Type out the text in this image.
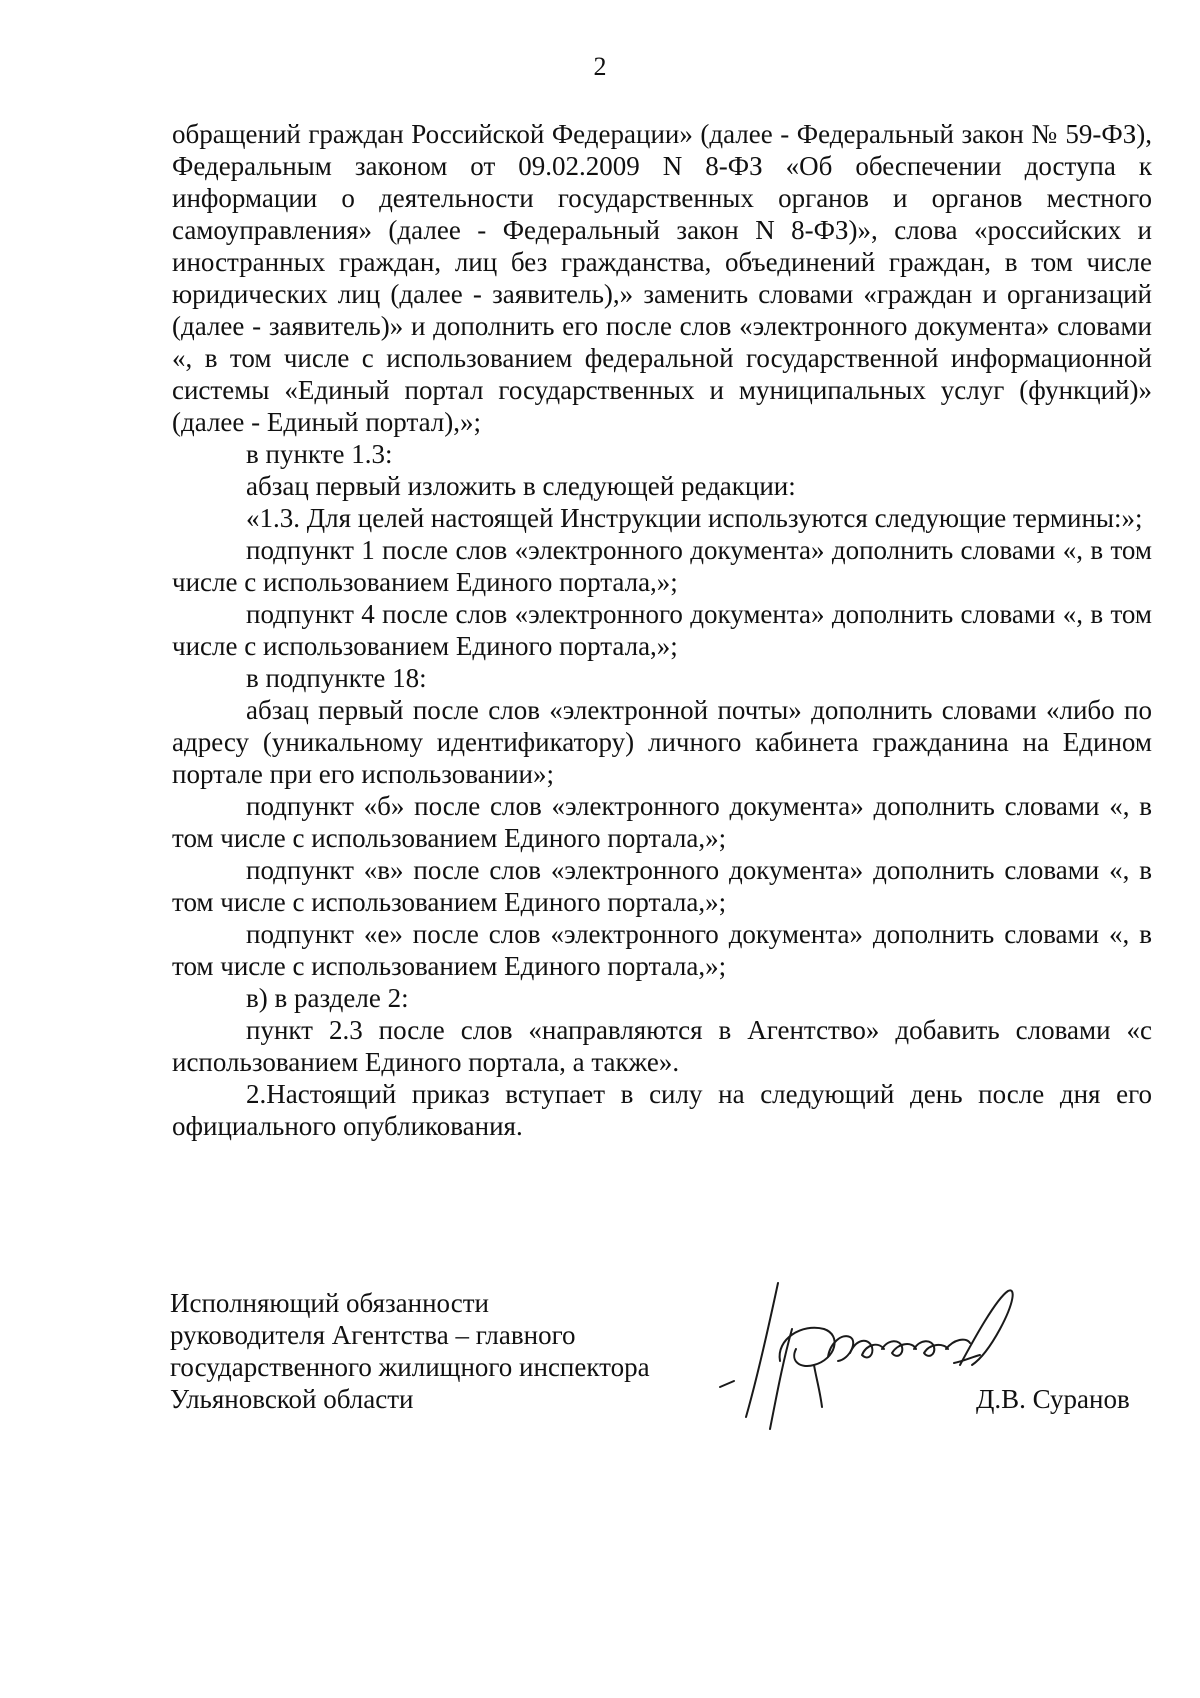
2

обращений граждан Российской Федерации» (далее - Федеральный закон № 59-ФЗ), Федеральным законом от 09.02.2009 N 8-ФЗ «Об обеспечении доступа к информации о деятельности государственных органов и органов местного самоуправления» (далее - Федеральный закон N 8-ФЗ)», слова «российских и иностранных граждан, лиц без гражданства, объединений граждан, в том числе юридических лиц (далее - заявитель),» заменить словами «граждан и организаций (далее - заявитель)» и дополнить его после слов «электронного документа» словами «, в том числе с использованием федеральной государственной информационной системы «Единый портал государственных и муниципальных услуг (функций)» (далее - Единый портал),»;

в пункте 1.3:

абзац первый изложить в следующей редакции:

«1.3. Для целей настоящей Инструкции используются следующие термины:»;

подпункт 1 после слов «электронного документа» дополнить словами «, в том числе с использованием Единого портала,»;

подпункт 4 после слов «электронного документа» дополнить словами «, в том числе с использованием Единого портала,»;

в подпункте 18:

абзац первый после слов «электронной почты» дополнить словами «либо по адресу (уникальному идентификатору) личного кабинета гражданина на Едином портале при его использовании»;

подпункт «б» после слов «электронного документа» дополнить словами «, в том числе с использованием Единого портала,»;

подпункт «в» после слов «электронного документа» дополнить словами «, в том числе с использованием Единого портала,»;

подпункт «е» после слов «электронного документа» дополнить словами «, в том числе с использованием Единого портала,»;

в) в разделе 2:

пункт 2.3 после слов «направляются в Агентство» добавить словами «с использованием Единого портала, а также».

2.Настоящий приказ вступает в силу на следующий день после дня его официального опубликования.

Исполняющий обязанности
руководителя Агентства – главного
государственного жилищного инспектора
Ульяновской области	Д.В. Суранов
